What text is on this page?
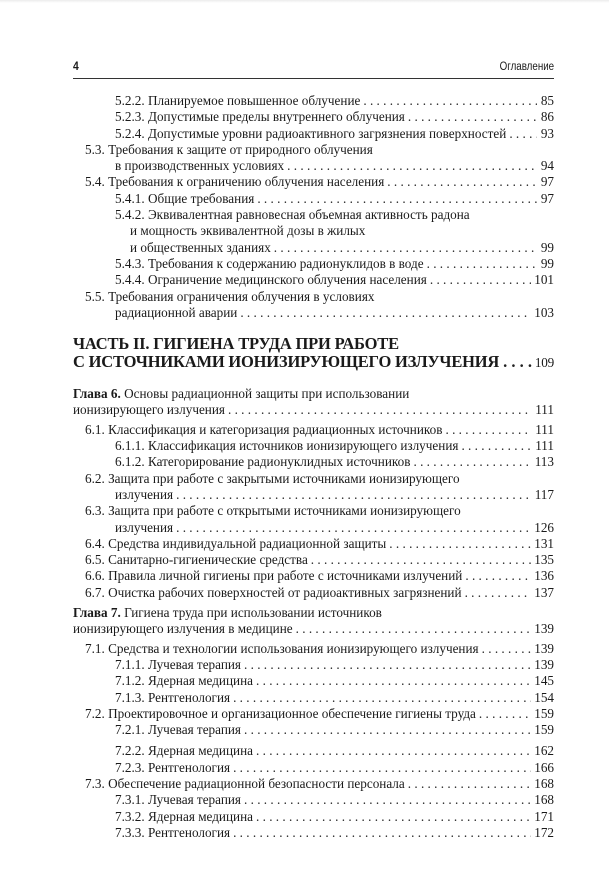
4	Оглавление
5.2.2. Планируемое повышенное облучение . . .	85
5.2.3. Допустимые пределы внутреннего облучения . . .	86
5.2.4. Допустимые уровни радиоактивного загрязнения поверхностей . . .	93
5.3. Требования к защите от природного облучения
в производственных условиях . . .	94
5.4. Требования к ограничению облучения населения . . .	97
5.4.1. Общие требования . . .	97
5.4.2. Эквивалентная равновесная объемная активность радона
и мощность эквивалентной дозы в жилых
и общественных зданиях . . .	99
5.4.3. Требования к содержанию радионуклидов в воде . . .	99
5.4.4. Ограничение медицинского облучения населения . . .	101
5.5. Требования ограничения облучения в условиях
радиационной аварии . . .	103
ЧАСТЬ II. ГИГИЕНА ТРУДА ПРИ РАБОТЕ
С ИСТОЧНИКАМИ ИОНИЗИРУЮЩЕГО ИЗЛУЧЕНИЯ . . .	109
Глава 6. Основы радиационной защиты при использовании
ионизирующего излучения . . .	111
6.1. Классификация и категоризация радиационных источников . . .	111
6.1.1. Классификация источников ионизирующего излучения . . .	111
6.1.2. Категорирование радионуклидных источников . . .	113
6.2. Защита при работе с закрытыми источниками ионизирующего
излучения . . .	117
6.3. Защита при работе с открытыми источниками ионизирующего
излучения . . .	126
6.4. Средства индивидуальной радиационной защиты . . .	131
6.5. Санитарно-гигиенические средства . . .	135
6.6. Правила личной гигиены при работе с источниками излучений . . .	136
6.7. Очистка рабочих поверхностей от радиоактивных загрязнений . . .	137
Глава 7. Гигиена труда при использовании источников
ионизирующего излучения в медицине . . .	139
7.1. Средства и технологии использования ионизирующего излучения . . .	139
7.1.1. Лучевая терапия . . .	139
7.1.2. Ядерная медицина . . .	145
7.1.3. Рентгенология . . .	154
7.2. Проектировочное и организационное обеспечение гигиены труда . . .	159
7.2.1. Лучевая терапия . . .	159
7.2.2. Ядерная медицина . . .	162
7.2.3. Рентгенология . . .	166
7.3. Обеспечение радиационной безопасности персонала . . .	168
7.3.1. Лучевая терапия . . .	168
7.3.2. Ядерная медицина . . .	171
7.3.3. Рентгенология . . .	172
